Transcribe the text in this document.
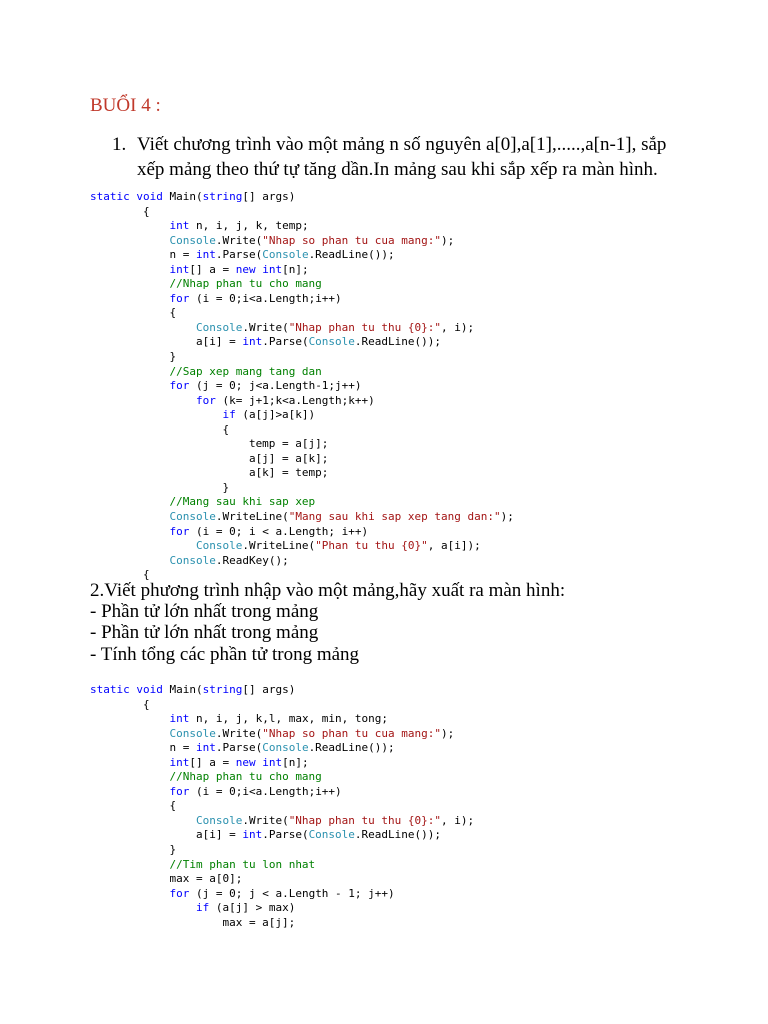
BUỔI 4 :
1. Viết chương trình vào một mảng n số nguyên a[0],a[1],.....,a[n-1], sắp xếp mảng theo thứ tự tăng dần.In mảng sau khi sắp xếp ra màn hình.
static void Main(string[] args)
{
int n, i, j, k, temp;
Console.Write("Nhap so phan tu cua mang:");
n = int.Parse(Console.ReadLine());
int[] a = new int[n];
//Nhap phan tu cho mang
for (i = 0;i<a.Length;i++)
{
Console.Write("Nhap phan tu thu {0}:", i);
a[i] = int.Parse(Console.ReadLine());
}
//Sap xep mang tang dan
for (j = 0; j<a.Length-1;j++)
for (k= j+1;k<a.Length;k++)
if (a[j]>a[k])
{
temp = a[j];
a[j] = a[k];
a[k] = temp;
}
//Mang sau khi sap xep
Console.WriteLine("Mang sau khi sap xep tang dan:");
for (i = 0; i < a.Length; i++)
Console.WriteLine("Phan tu thu {0}", a[i]);
Console.ReadKey();
{
2.Viết phương trình nhập vào một mảng,hãy xuất ra màn hình:
- Phần tử lớn nhất trong mảng
- Phần tử lớn nhất trong mảng
- Tính tổng các phần tử trong mảng
static void Main(string[] args)
{
int n, i, j, k,l, max, min, tong;
Console.Write("Nhap so phan tu cua mang:");
n = int.Parse(Console.ReadLine());
int[] a = new int[n];
//Nhap phan tu cho mang
for (i = 0;i<a.Length;i++)
{
Console.Write("Nhap phan tu thu {0}:", i);
a[i] = int.Parse(Console.ReadLine());
}
//Tim phan tu lon nhat
max = a[0];
for (j = 0; j < a.Length - 1; j++)
if (a[j] > max)
max = a[j];
